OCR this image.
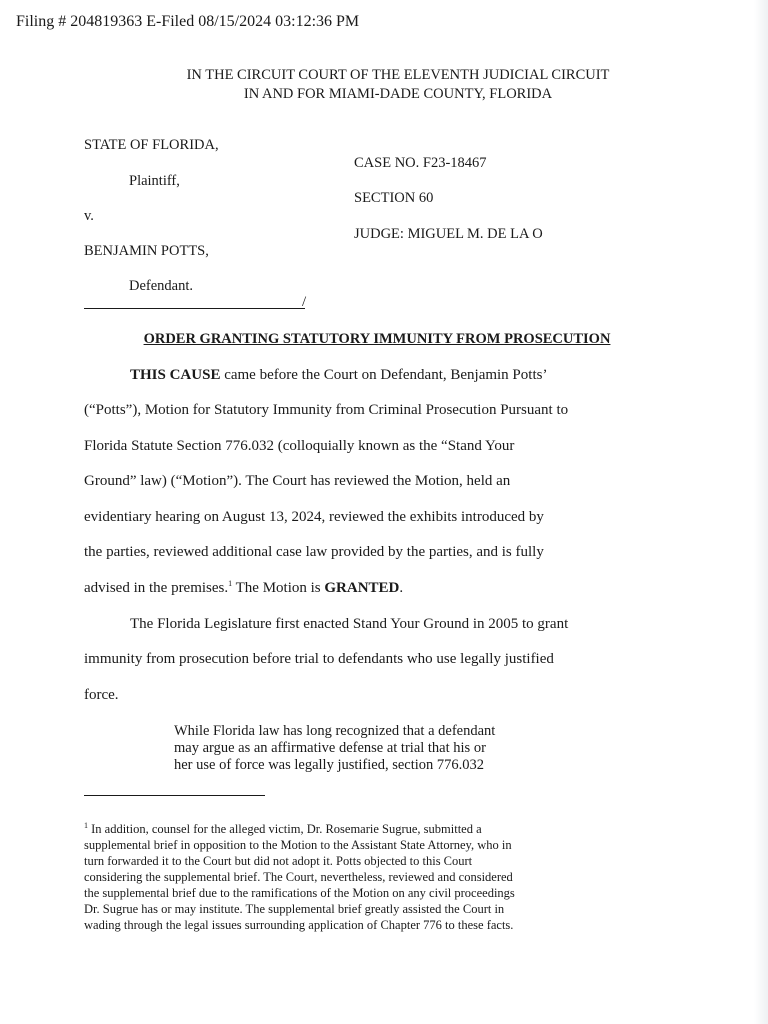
Filing # 204819363 E-Filed 08/15/2024 03:12:36 PM
IN THE CIRCUIT COURT OF THE ELEVENTH JUDICIAL CIRCUIT
IN AND FOR MIAMI-DADE COUNTY, FLORIDA
STATE OF FLORIDA,
Plaintiff,
v.
BENJAMIN POTTS,
Defendant.
/
CASE NO. F23-18467
SECTION 60
JUDGE: MIGUEL M. DE LA O
ORDER GRANTING STATUTORY IMMUNITY FROM PROSECUTION
THIS CAUSE came before the Court on Defendant, Benjamin Potts’
(“Potts”), Motion for Statutory Immunity from Criminal Prosecution Pursuant to
Florida Statute Section 776.032 (colloquially known as the “Stand Your
Ground” law) (“Motion”). The Court has reviewed the Motion, held an
evidentiary hearing on August 13, 2024, reviewed the exhibits introduced by
the parties, reviewed additional case law provided by the parties, and is fully
advised in the premises.$^1$ The Motion is GRANTED.
The Florida Legislature first enacted Stand Your Ground in 2005 to grant
immunity from prosecution before trial to defendants who use legally justified
force.
While Florida law has long recognized that a defendant
may argue as an affirmative defense at trial that his or
her use of force was legally justified, section 776.032
$^1$ In addition, counsel for the alleged victim, Dr. Rosemarie Sugrue, submitted a
supplemental brief in opposition to the Motion to the Assistant State Attorney, who in
turn forwarded it to the Court but did not adopt it. Potts objected to this Court
considering the supplemental brief. The Court, nevertheless, reviewed and considered
the supplemental brief due to the ramifications of the Motion on any civil proceedings
Dr. Sugrue has or may institute. The supplemental brief greatly assisted the Court in
wading through the legal issues surrounding application of Chapter 776 to these facts.
